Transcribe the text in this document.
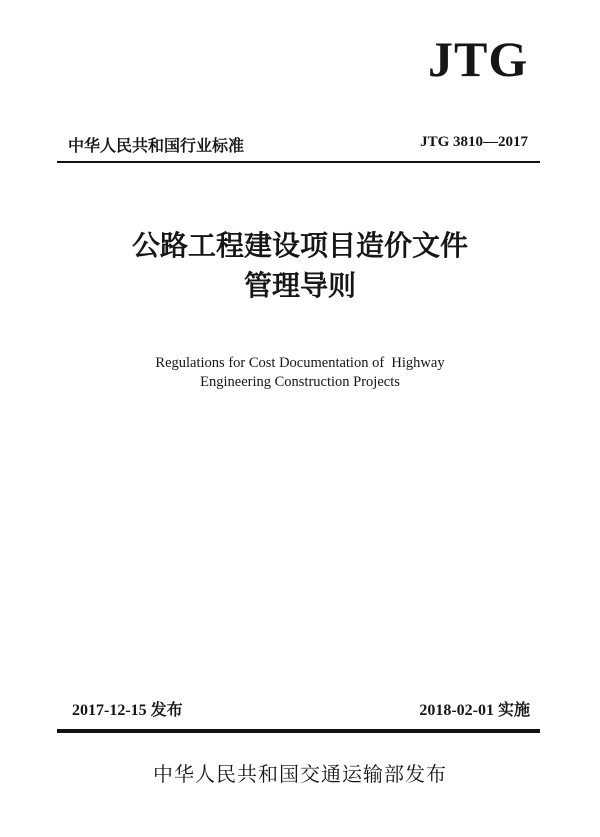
JTG
中华人民共和国行业标准	JTG 3810—2017
公路工程建设项目造价文件
管理导则
Regulations for Cost Documentation of  Highway
Engineering Construction Projects
2017-12-15 发布	2018-02-01 实施
中华人民共和国交通运输部发布
